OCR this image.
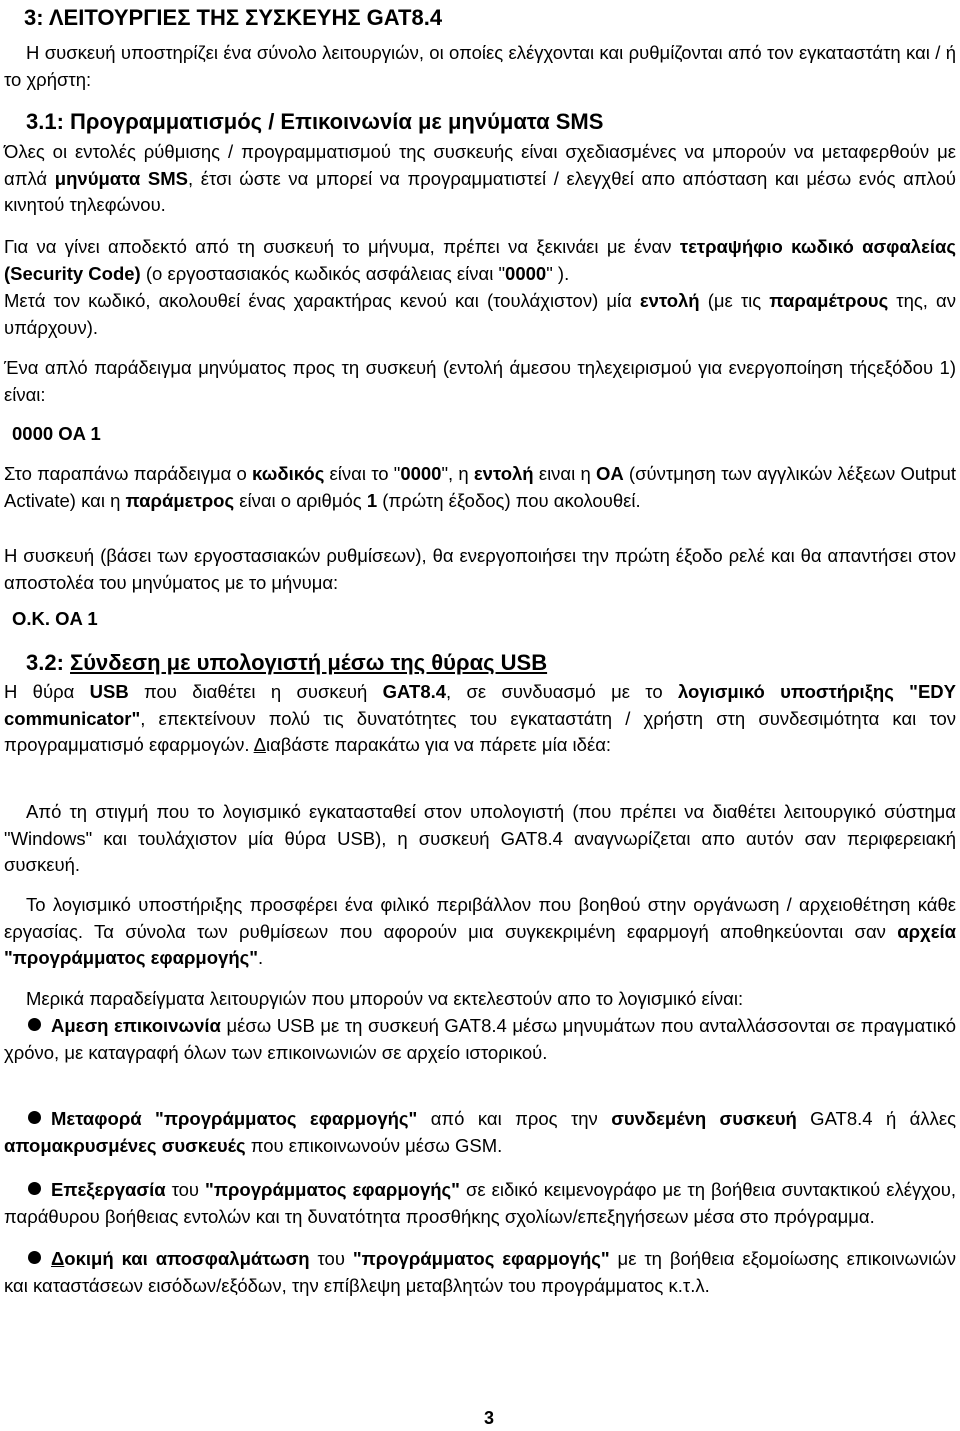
3: ΛΕΙΤΟΥΡΓΙΕΣ ΤΗΣ ΣΥΣΚΕΥΗΣ GAT8.4
Η συσκευή υποστηρίζει ένα σύνολο λειτουργιών, οι οποίες ελέγχονται και ρυθμίζονται από τον εγκαταστάτη και / ή το χρήστη:
3.1: Προγραμματισμός / Επικοινωνία με μηνύματα SMS
Όλες οι εντολές ρύθμισης / προγραμματισμού της συσκευής είναι σχεδιασμένες να μπορούν να μεταφερθούν με απλά μηνύματα SMS, έτσι ώστε να μπορεί να προγραμματιστεί / ελεγχθεί απο απόσταση και μέσω ενός απλού κινητού τηλεφώνου.
Για να γίνει αποδεκτό από τη συσκευή το μήνυμα, πρέπει να ξεκινάει με έναν τετραψήφιο κωδικό ασφαλείας (Security Code) (ο εργοστασιακός κωδικός ασφάλειας είναι "0000" ).
Μετά τον κωδικό, ακολουθεί ένας χαρακτήρας κενού και (τουλάχιστον) μία εντολή (με τις παραμέτρους της, αν υπάρχουν).
Ένα απλό παράδειγμα μηνύματος προς τη συσκευή (εντολή άμεσου τηλεχειρισμού για ενεργοποίηση τήςεξόδου 1) είναι:
0000 OA 1
Στο παραπάνω παράδειγμα ο κωδικός είναι το "0000", η εντολή ειναι η OA (σύντμηση των αγγλικών λέξεων Output Activate) και η παράμετρος είναι ο αριθμός 1 (πρώτη έξοδος) που ακολουθεί.
Η συσκευή (βάσει των εργοστασιακών ρυθμίσεων), θα ενεργοποιήσει την πρώτη έξοδο ρελέ και θα απαντήσει στον αποστολέα του μηνύματος με το μήνυμα:
O.K. OA 1
3.2: Σύνδεση με υπολογιστή μέσω της θύρας USB
Η θύρα USB που διαθέτει η συσκευή GAT8.4, σε συνδυασμό με το λογισμικό υποστήριξης "EDY communicator", επεκτείνουν πολύ τις δυνατότητες του εγκαταστάτη / χρήστη στη συνδεσιμότητα και τον προγραμματισμό εφαρμογών. Διαβάστε παρακάτω για να πάρετε μία ιδέα:
Από τη στιγμή που το λογισμικό εγκατασταθεί στον υπολογιστή (που πρέπει να διαθέτει λειτουργικό σύστημα "Windows" και τουλάχιστον μία θύρα USB), η συσκευή GAT8.4 αναγνωρίζεται απο αυτόν σαν περιφερειακή συσκευή.
Το λογισμικό υποστήριξης προσφέρει ένα φιλικό περιβάλλον που βοηθού στην οργάνωση / αρχειοθέτηση κάθε εργασίας. Τα σύνολα των ρυθμίσεων που αφορούν μια συγκεκριμένη εφαρμογή αποθηκεύονται σαν αρχεία "προγράμματος εφαρμογής".
Μερικά παραδείγματα λειτουργιών που μπορούν να εκτελεστούν απο το λογισμικό είναι:
Αμεση επικοινωνία μέσω USB με τη συσκευή GAT8.4 μέσω μηνυμάτων που ανταλλάσσονται σε πραγματικό χρόνο, με καταγραφή όλων των επικοινωνιών σε αρχείο ιστορικού.
Μεταφορά "προγράμματος εφαρμογής" από και προς την συνδεμένη συσκευή GAT8.4 ή άλλες απομακρυσμένες συσκευές που επικοινωνούν μέσω GSM.
Επεξεργασία του "προγράμματος εφαρμογής" σε ειδικό κειμενογράφο με τη βοήθεια συντακτικού ελέγχου, παράθυρου βοήθειας εντολών και τη δυνατότητα προσθήκης σχολίων/επεξηγήσεων μέσα στο πρόγραμμα.
Δοκιμή και αποσφαλμάτωση του "προγράμματος εφαρμογής" με τη βοήθεια εξομοίωσης επικοινωνιών και καταστάσεων εισόδων/εξόδων, την επίβλεψη μεταβλητών του προγράμματος κ.τ.λ.
3
